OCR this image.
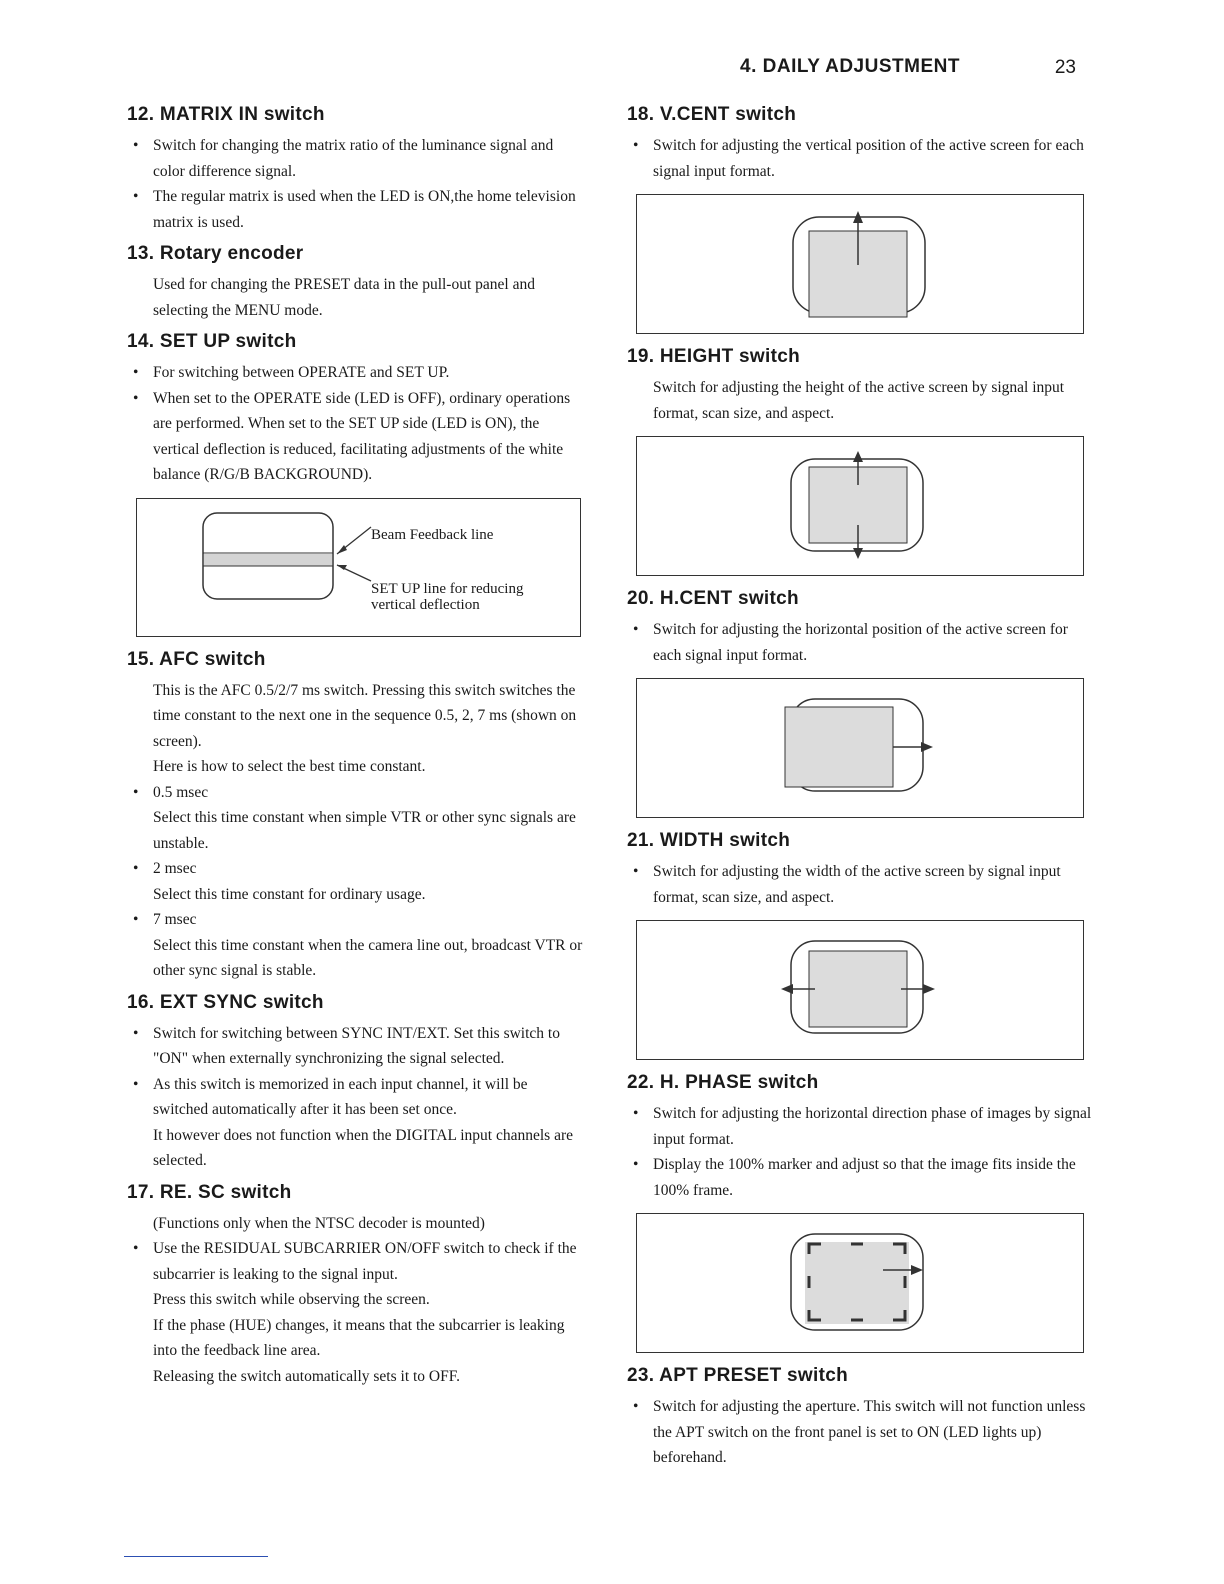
4. DAILY ADJUSTMENT	23
12. MATRIX IN switch
• Switch for changing the matrix ratio of the luminance signal and color difference signal.
• The regular matrix is used when the LED is ON,the home television matrix is used.
13. Rotary encoder

Used for changing the PRESET data in the pull-out panel and selecting the MENU mode.

14. SET UP switch
• For switching between OPERATE and SET UP.
• When set to the OPERATE side (LED is OFF), ordinary operations are performed. When set to the SET UP side (LED is ON), the vertical deflection is reduced, facilitating adjustments of the white balance (R/G/B BACKGROUND).
Beam Feedback line
SET UP line for reducing
vertical deflection
15. AFC switch

This is the AFC 0.5/2/7 ms switch. Pressing this switch switches the time constant to the next one in the sequence 0.5, 2, 7 ms (shown on screen).

Here is how to select the best time constant.

• 0.5 msec

Select this time constant when simple VTR or other sync signals are unstable.

• 2 msec

Select this time constant for ordinary usage.

• 7 msec

Select this time constant when the camera line out, broadcast VTR or other sync signal is stable.

16. EXT SYNC switch
• Switch for switching between SYNC INT/EXT. Set this switch to "ON" when externally synchronizing the signal selected.
• As this switch is memorized in each input channel, it will be switched automatically after it has been set once.

It however does not function when the DIGITAL input channels are selected.

17. RE. SC switch

(Functions only when the NTSC decoder is mounted)

• Use the RESIDUAL SUBCARRIER ON/OFF switch to check if the subcarrier is leaking to the signal input.

Press this switch while observing the screen.

If the phase (HUE) changes, it means that the subcarrier is leaking into the feedback line area.

Releasing the switch automatically sets it to OFF.

18. V.CENT switch
• Switch for adjusting the vertical position of the active screen for each signal input format.
19. HEIGHT switch

Switch for adjusting the height of the active screen by signal input format, scan size, and aspect.

20. H.CENT switch
• Switch for adjusting the horizontal position of the active screen for each signal input format.
21. WIDTH switch
• Switch for adjusting the width of the active screen by signal input format, scan size, and aspect.
22. H. PHASE switch
• Switch for adjusting the horizontal direction phase of images by signal input format.
• Display the 100% marker and adjust so that the image fits inside the 100% frame.
23. APT PRESET switch
• Switch for adjusting the aperture. This switch will not function unless the APT switch on the front panel is set to ON (LED lights up) beforehand.
